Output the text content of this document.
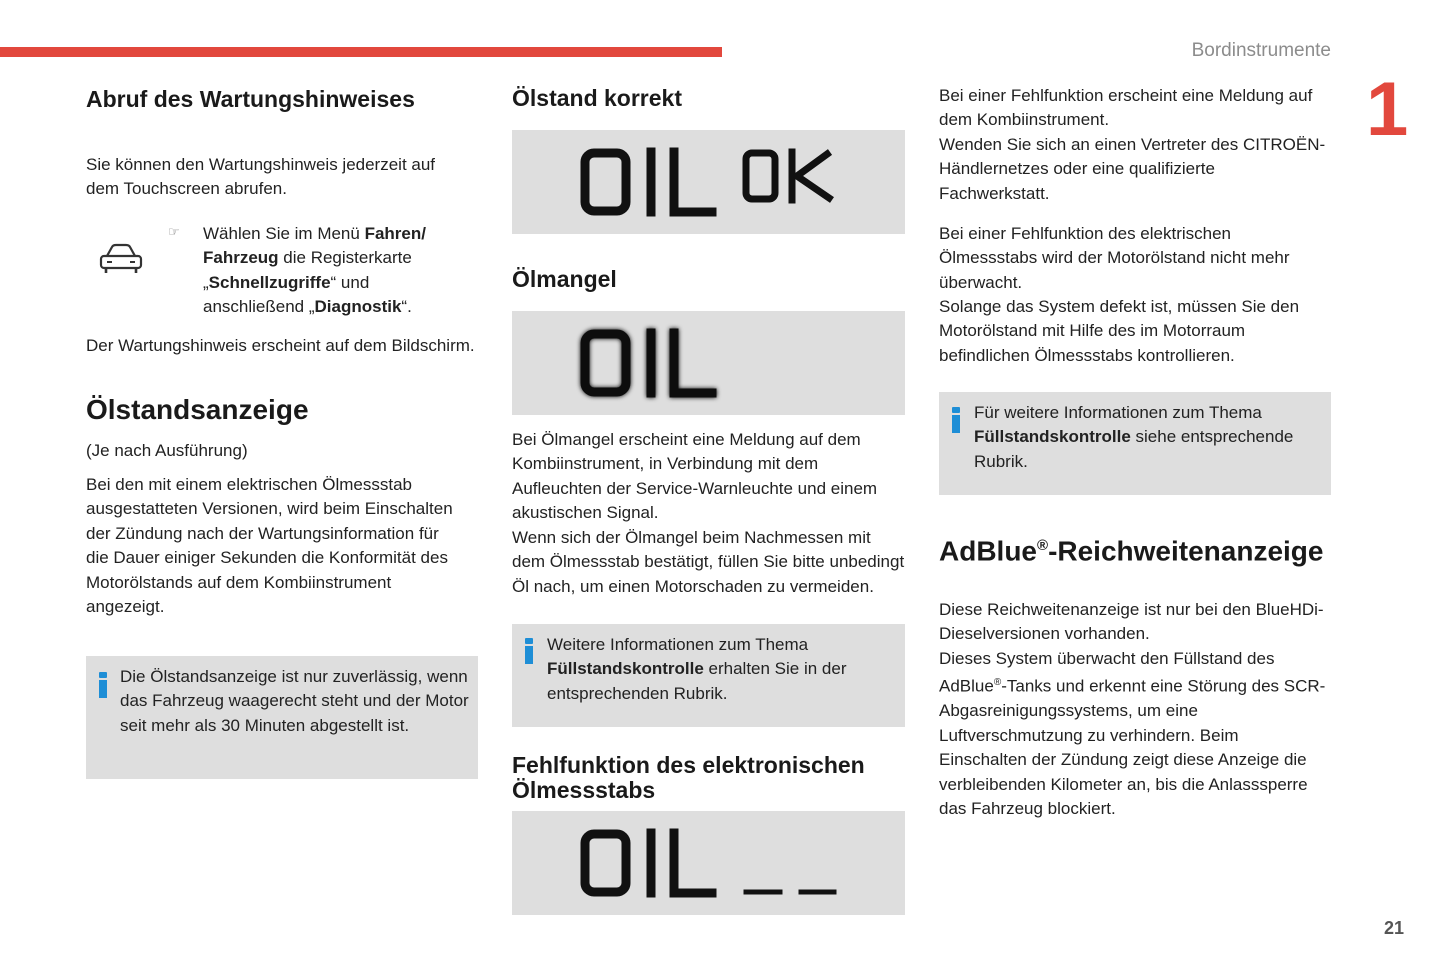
Bordinstrumente
1
21
Abruf des Wartungshinweises

Sie können den Wartungshinweis jederzeit auf dem Touchscreen abrufen.

☞ Wählen Sie im Menü Fahren/ Fahrzeug die Registerkarte „Schnellzugriffe“ und anschließend „Diagnostik“.

Der Wartungshinweis erscheint auf dem Bildschirm.

Ölstandsanzeige

(Je nach Ausführung)

Bei den mit einem elektrischen Ölmessstab ausgestatteten Versionen, wird beim Einschalten der Zündung nach der Wartungsinformation für die Dauer einiger Sekunden die Konformität des Motorölstands auf dem Kombiinstrument angezeigt.

Die Ölstandsanzeige ist nur zuverlässig, wenn das Fahrzeug waagerecht steht und der Motor seit mehr als 30 Minuten abgestellt ist.

Ölstand korrekt
Ölmangel

Bei Ölmangel erscheint eine Meldung auf dem Kombiinstrument, in Verbindung mit dem Aufleuchten der Service-Warnleuchte und einem akustischen Signal.

Wenn sich der Ölmangel beim Nachmessen mit dem Ölmessstab bestätigt, füllen Sie bitte unbedingt Öl nach, um einen Motorschaden zu vermeiden.

Weitere Informationen zum Thema Füllstandskontrolle erhalten Sie in der entsprechenden Rubrik.

Fehlfunktion des elektronischen Ölmessstabs

Bei einer Fehlfunktion erscheint eine Meldung auf dem Kombiinstrument.

Wenden Sie sich an einen Vertreter des CITROËN-Händlernetzes oder eine qualifizierte Fachwerkstatt.

Bei einer Fehlfunktion des elektrischen Ölmessstabs wird der Motorölstand nicht mehr überwacht.

Solange das System defekt ist, müssen Sie den Motorölstand mit Hilfe des im Motorraum befindlichen Ölmessstabs kontrollieren.

Für weitere Informationen zum Thema Füllstandskontrolle siehe entsprechende Rubrik.

AdBlue®-Reichweitenanzeige

Diese Reichweitenanzeige ist nur bei den BlueHDi-Dieselversionen vorhanden.

Dieses System überwacht den Füllstand des AdBlue®-Tanks und erkennt eine Störung des SCR-Abgasreinigungssystems, um eine Luftverschmutzung zu verhindern. Beim Einschalten der Zündung zeigt diese Anzeige die verbleibenden Kilometer an, bis die Anlasssperre das Fahrzeug blockiert.
